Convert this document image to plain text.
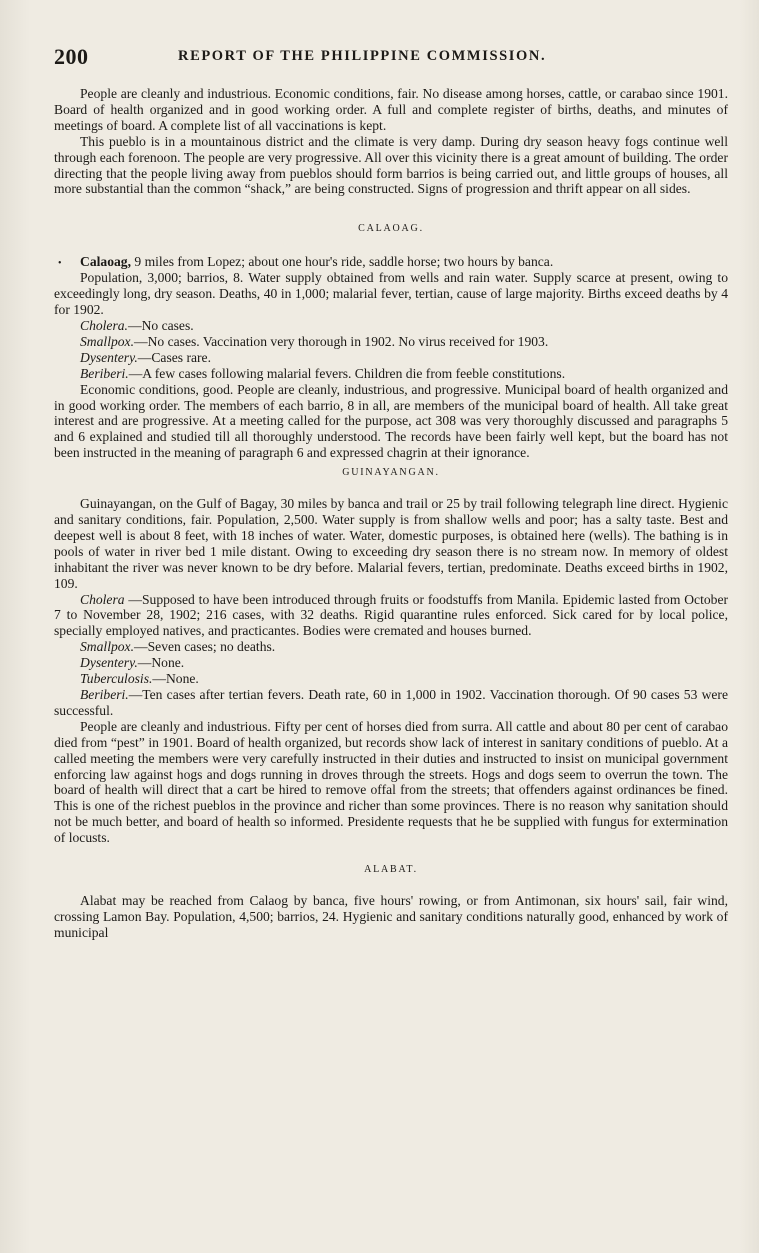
200	REPORT OF THE PHILIPPINE COMMISSION.
•

People are cleanly and industrious. Economic conditions, fair. No disease among horses, cattle, or carabao since 1901. Board of health organized and in good working order. A full and complete register of births, deaths, and minutes of meetings of board. A complete list of all vaccinations is kept.

This pueblo is in a mountainous district and the climate is very damp. During dry season heavy fogs continue well through each forenoon. The people are very progressive. All over this vicinity there is a great amount of building. The order directing that the people living away from pueblos should form barrios is being carried out, and little groups of houses, all more substantial than the common “shack,” are being constructed. Signs of progression and thrift appear on all sides.

CALAOAG.

Calaoag, 9 miles from Lopez; about one hour's ride, saddle horse; two hours by banca.

Population, 3,000; barrios, 8. Water supply obtained from wells and rain water. Supply scarce at present, owing to exceedingly long, dry season. Deaths, 40 in 1,000; malarial fever, tertian, cause of large majority. Births exceed deaths by 4 for 1902.

Cholera.—No cases.

Smallpox.—No cases. Vaccination very thorough in 1902. No virus received for 1903.

Dysentery.—Cases rare.

Beriberi.—A few cases following malarial fevers. Children die from feeble constitutions.

Economic conditions, good. People are cleanly, industrious, and progressive. Municipal board of health organized and in good working order. The members of each barrio, 8 in all, are members of the municipal board of health. All take great interest and are progressive. At a meeting called for the purpose, act 308 was very thoroughly discussed and paragraphs 5 and 6 explained and studied till all thoroughly understood. The records have been fairly well kept, but the board has not been instructed in the meaning of paragraph 6 and expressed chagrin at their ignorance.

GUINAYANGAN.

Guinayangan, on the Gulf of Bagay, 30 miles by banca and trail or 25 by trail following telegraph line direct. Hygienic and sanitary conditions, fair. Population, 2,500. Water supply is from shallow wells and poor; has a salty taste. Best and deepest well is about 8 feet, with 18 inches of water. Water, domestic purposes, is obtained here (wells). The bathing is in pools of water in river bed 1 mile distant. Owing to exceeding dry season there is no stream now. In memory of oldest inhabitant the river was never known to be dry before. Malarial fevers, tertian, predominate. Deaths exceed births in 1902, 109.

Cholera —Supposed to have been introduced through fruits or foodstuffs from Manila. Epidemic lasted from October 7 to November 28, 1902; 216 cases, with 32 deaths. Rigid quarantine rules enforced. Sick cared for by local police, specially employed natives, and practicantes. Bodies were cremated and houses burned.

Smallpox.—Seven cases; no deaths.

Dysentery.—None.

Tuberculosis.—None.

Beriberi.—Ten cases after tertian fevers. Death rate, 60 in 1,000 in 1902. Vaccination thorough. Of 90 cases 53 were successful.

People are cleanly and industrious. Fifty per cent of horses died from surra. All cattle and about 80 per cent of carabao died from “pest” in 1901. Board of health organized, but records show lack of interest in sanitary conditions of pueblo. At a called meeting the members were very carefully instructed in their duties and instructed to insist on municipal government enforcing law against hogs and dogs running in droves through the streets. Hogs and dogs seem to overrun the town. The board of health will direct that a cart be hired to remove offal from the streets; that offenders against ordinances be fined. This is one of the richest pueblos in the province and richer than some provinces. There is no reason why sanitation should not be much better, and board of health so informed. Presidente requests that he be supplied with fungus for extermination of locusts.

ALABAT.

Alabat may be reached from Calaog by banca, five hours' rowing, or from Antimonan, six hours' sail, fair wind, crossing Lamon Bay. Population, 4,500; barrios, 24. Hygienic and sanitary conditions naturally good, enhanced by work of municipal
